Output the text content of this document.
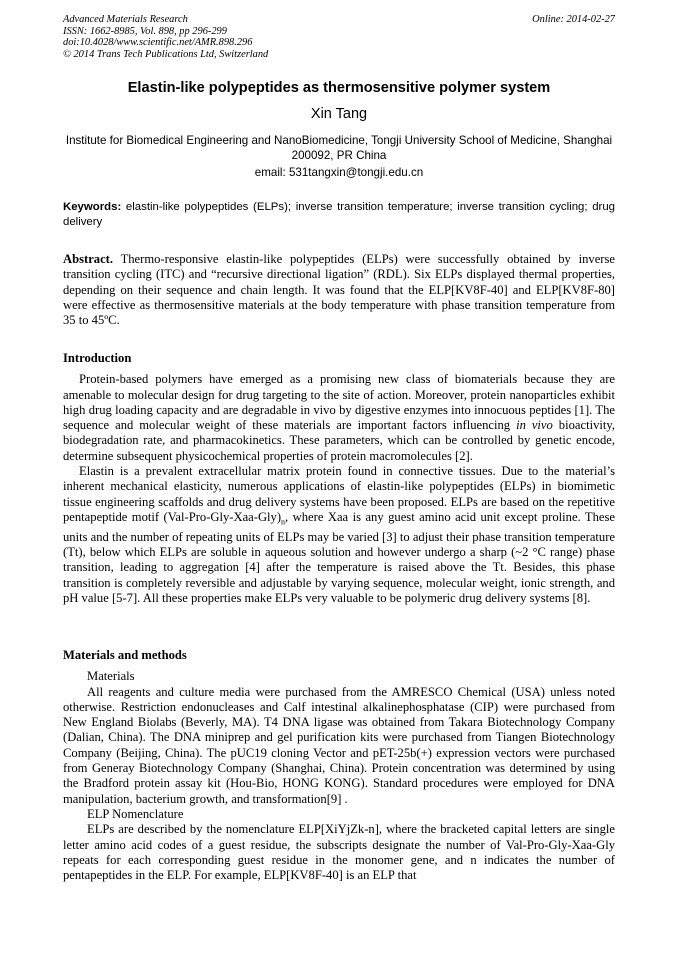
Advanced Materials Research
ISSN: 1662-8985, Vol. 898, pp 296-299
doi:10.4028/www.scientific.net/AMR.898.296
© 2014 Trans Tech Publications Ltd, Switzerland
Online: 2014-02-27
Elastin-like polypeptides as thermosensitive polymer system
Xin Tang
Institute for Biomedical Engineering and NanoBiomedicine, Tongji University School of Medicine, Shanghai 200092, PR China
email: 531tangxin@tongji.edu.cn
Keywords: elastin-like polypeptides (ELPs); inverse transition temperature; inverse transition cycling; drug delivery

Abstract. Thermo-responsive elastin-like polypeptides (ELPs) were successfully obtained by inverse transition cycling (ITC) and “recursive directional ligation” (RDL). Six ELPs displayed thermal properties, depending on their sequence and chain length. It was found that the ELP[KV8F-40] and ELP[KV8F-80] were effective as thermosensitive materials at the body temperature with phase transition temperature from 35 to 45ºC.

Introduction

Protein-based polymers have emerged as a promising new class of biomaterials because they are amenable to molecular design for drug targeting to the site of action. Moreover, protein nanoparticles exhibit high drug loading capacity and are degradable in vivo by digestive enzymes into innocuous peptides [1]. The sequence and molecular weight of these materials are important factors influencing in vivo bioactivity, biodegradation rate, and pharmacokinetics. These parameters, which can be controlled by genetic encode, determine subsequent physicochemical properties of protein macromolecules [2].

Elastin is a prevalent extracellular matrix protein found in connective tissues. Due to the material’s inherent mechanical elasticity, numerous applications of elastin-like polypeptides (ELPs) in biomimetic tissue engineering scaffolds and drug delivery systems have been proposed. ELPs are based on the repetitive pentapeptide motif $(Val-Pro-Gly-Xaa-Gly)_n$, where Xaa is any guest amino acid unit except proline. These units and the number of repeating units of ELPs may be varied [3] to adjust their phase transition temperature (Tt), below which ELPs are soluble in aqueous solution and however undergo a sharp (~2 °C range) phase transition, leading to aggregation [4] after the temperature is raised above the Tt. Besides, this phase transition is completely reversible and adjustable by varying sequence, molecular weight, ionic strength, and pH value [5-7]. All these properties make ELPs very valuable to be polymeric drug delivery systems [8].

Materials and methods

Materials

All reagents and culture media were purchased from the AMRESCO Chemical (USA) unless noted otherwise. Restriction endonucleases and Calf intestinal alkalinephosphatase (CIP) were purchased from New England Biolabs (Beverly, MA). T4 DNA ligase was obtained from Takara Biotechnology Company (Dalian, China). The DNA miniprep and gel purification kits were purchased from Tiangen Biotechnology Company (Beijing, China). The pUC19 cloning Vector and pET-25b(+) expression vectors were purchased from Generay Biotechnology Company (Shanghai, China). Protein concentration was determined by using the Bradford protein assay kit (Hou-Bio, HONG KONG). Standard procedures were employed for DNA manipulation, bacterium growth, and transformation[9] .

ELP Nomenclature

ELPs are described by the nomenclature ELP[XiYjZk-n], where the bracketed capital letters are single letter amino acid codes of a guest residue, the subscripts designate the number of Val-Pro-Gly-Xaa-Gly repeats for each corresponding guest residue in the monomer gene, and n indicates the number of pentapeptides in the ELP. For example, ELP[KV8F-40] is an ELP that
